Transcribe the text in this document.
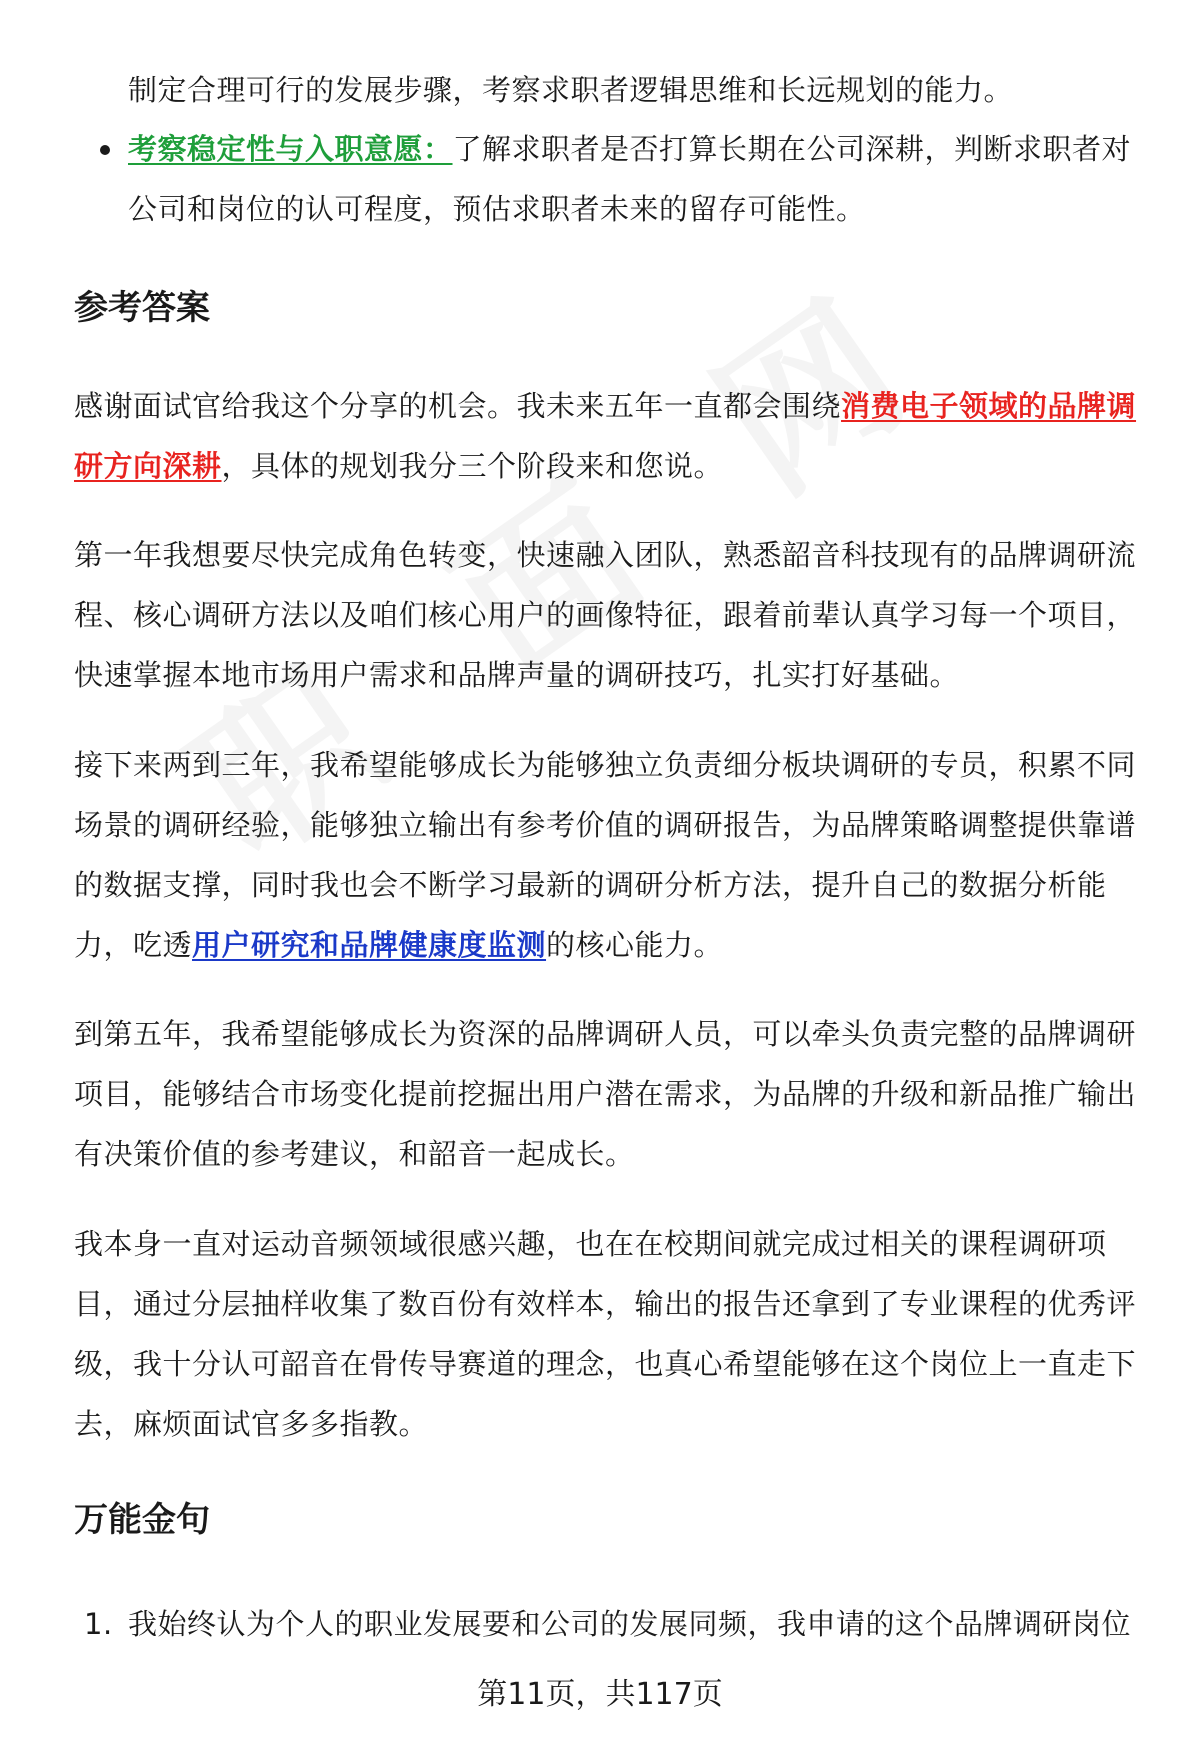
制定合理可行的发展步骤，考察求职者逻辑思维和长远规划的能力。

考察稳定性与入职意愿：了解求职者是否打算长期在公司深耕，判断求职者对公司和岗位的认可程度，预估求职者未来的留存可能性。

参考答案

感谢面试官给我这个分享的机会。我未来五年一直都会围绕消费电子领域的品牌调研方向深耕，具体的规划我分三个阶段来和您说。

第一年我想要尽快完成角色转变，快速融入团队，熟悉韶音科技现有的品牌调研流程、核心调研方法以及咱们核心用户的画像特征，跟着前辈认真学习每一个项目，快速掌握本地市场用户需求和品牌声量的调研技巧，扎实打好基础。

接下来两到三年，我希望能够成长为能够独立负责细分板块调研的专员，积累不同场景的调研经验，能够独立输出有参考价值的调研报告，为品牌策略调整提供靠谱的数据支撑，同时我也会不断学习最新的调研分析方法，提升自己的数据分析能力，吃透用户研究和品牌健康度监测的核心能力。

到第五年，我希望能够成长为资深的品牌调研人员，可以牵头负责完整的品牌调研项目，能够结合市场变化提前挖掘出用户潜在需求，为品牌的升级和新品推广输出有决策价值的参考建议，和韶音一起成长。

我本身一直对运动音频领域很感兴趣，也在在校期间就完成过相关的课程调研项目，通过分层抽样收集了数百份有效样本，输出的报告还拿到了专业课程的优秀评级，我十分认可韶音在骨传导赛道的理念，也真心希望能够在这个岗位上一直走下去，麻烦面试官多多指教。

万能金句

1. 我始终认为个人的职业发展要和公司的发展同频，我申请的这个品牌调研岗位

第11页，共117页
